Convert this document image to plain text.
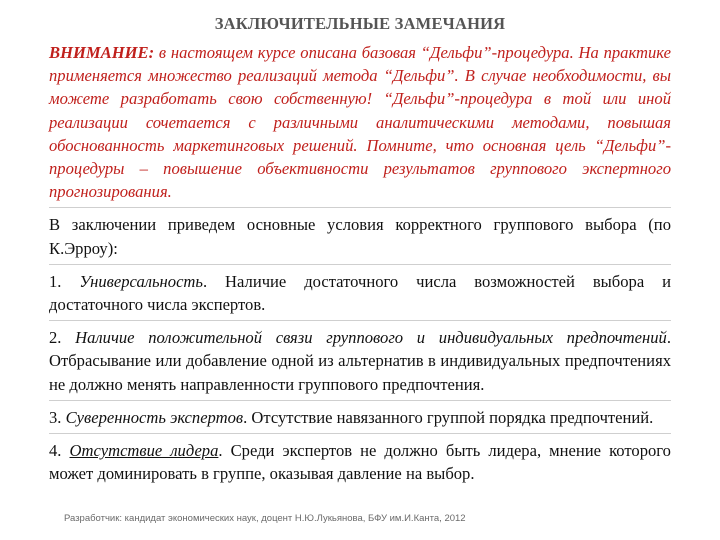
ЗАКЛЮЧИТЕЛЬНЫЕ ЗАМЕЧАНИЯ

ВНИМАНИЕ: в настоящем курсе описана базовая “Дельфи”-процедура. На практике применяется множество реализаций метода “Дельфи”. В случае необходимости, вы можете разработать свою собственную! “Дельфи”-процедура в той или иной реализации сочетается с различными аналитическими методами, повышая обоснованность маркетинговых решений. Помните, что основная цель “Дельфи”-процедуры – повышение объективности результатов группового экспертного прогнозирования.

В заключении приведем основные условия корректного группового выбора (по К.Эрроу):

1. Универсальность. Наличие достаточного числа возможностей выбора и достаточного числа экспертов.

2. Наличие положительной связи группового и индивидуальных предпочтений. Отбрасывание или добавление одной из альтернатив в индивидуальных предпочтениях не должно менять направленности группового предпочтения.

3. Суверенность экспертов. Отсутствие навязанного группой порядка предпочтений.

4. Отсутствие лидера. Среди экспертов не должно быть лидера, мнение которого может доминировать в группе, оказывая давление на выбор.

Разработчик: кандидат экономических наук, доцент Н.Ю.Лукьянова, БФУ им.И.Канта, 2012
